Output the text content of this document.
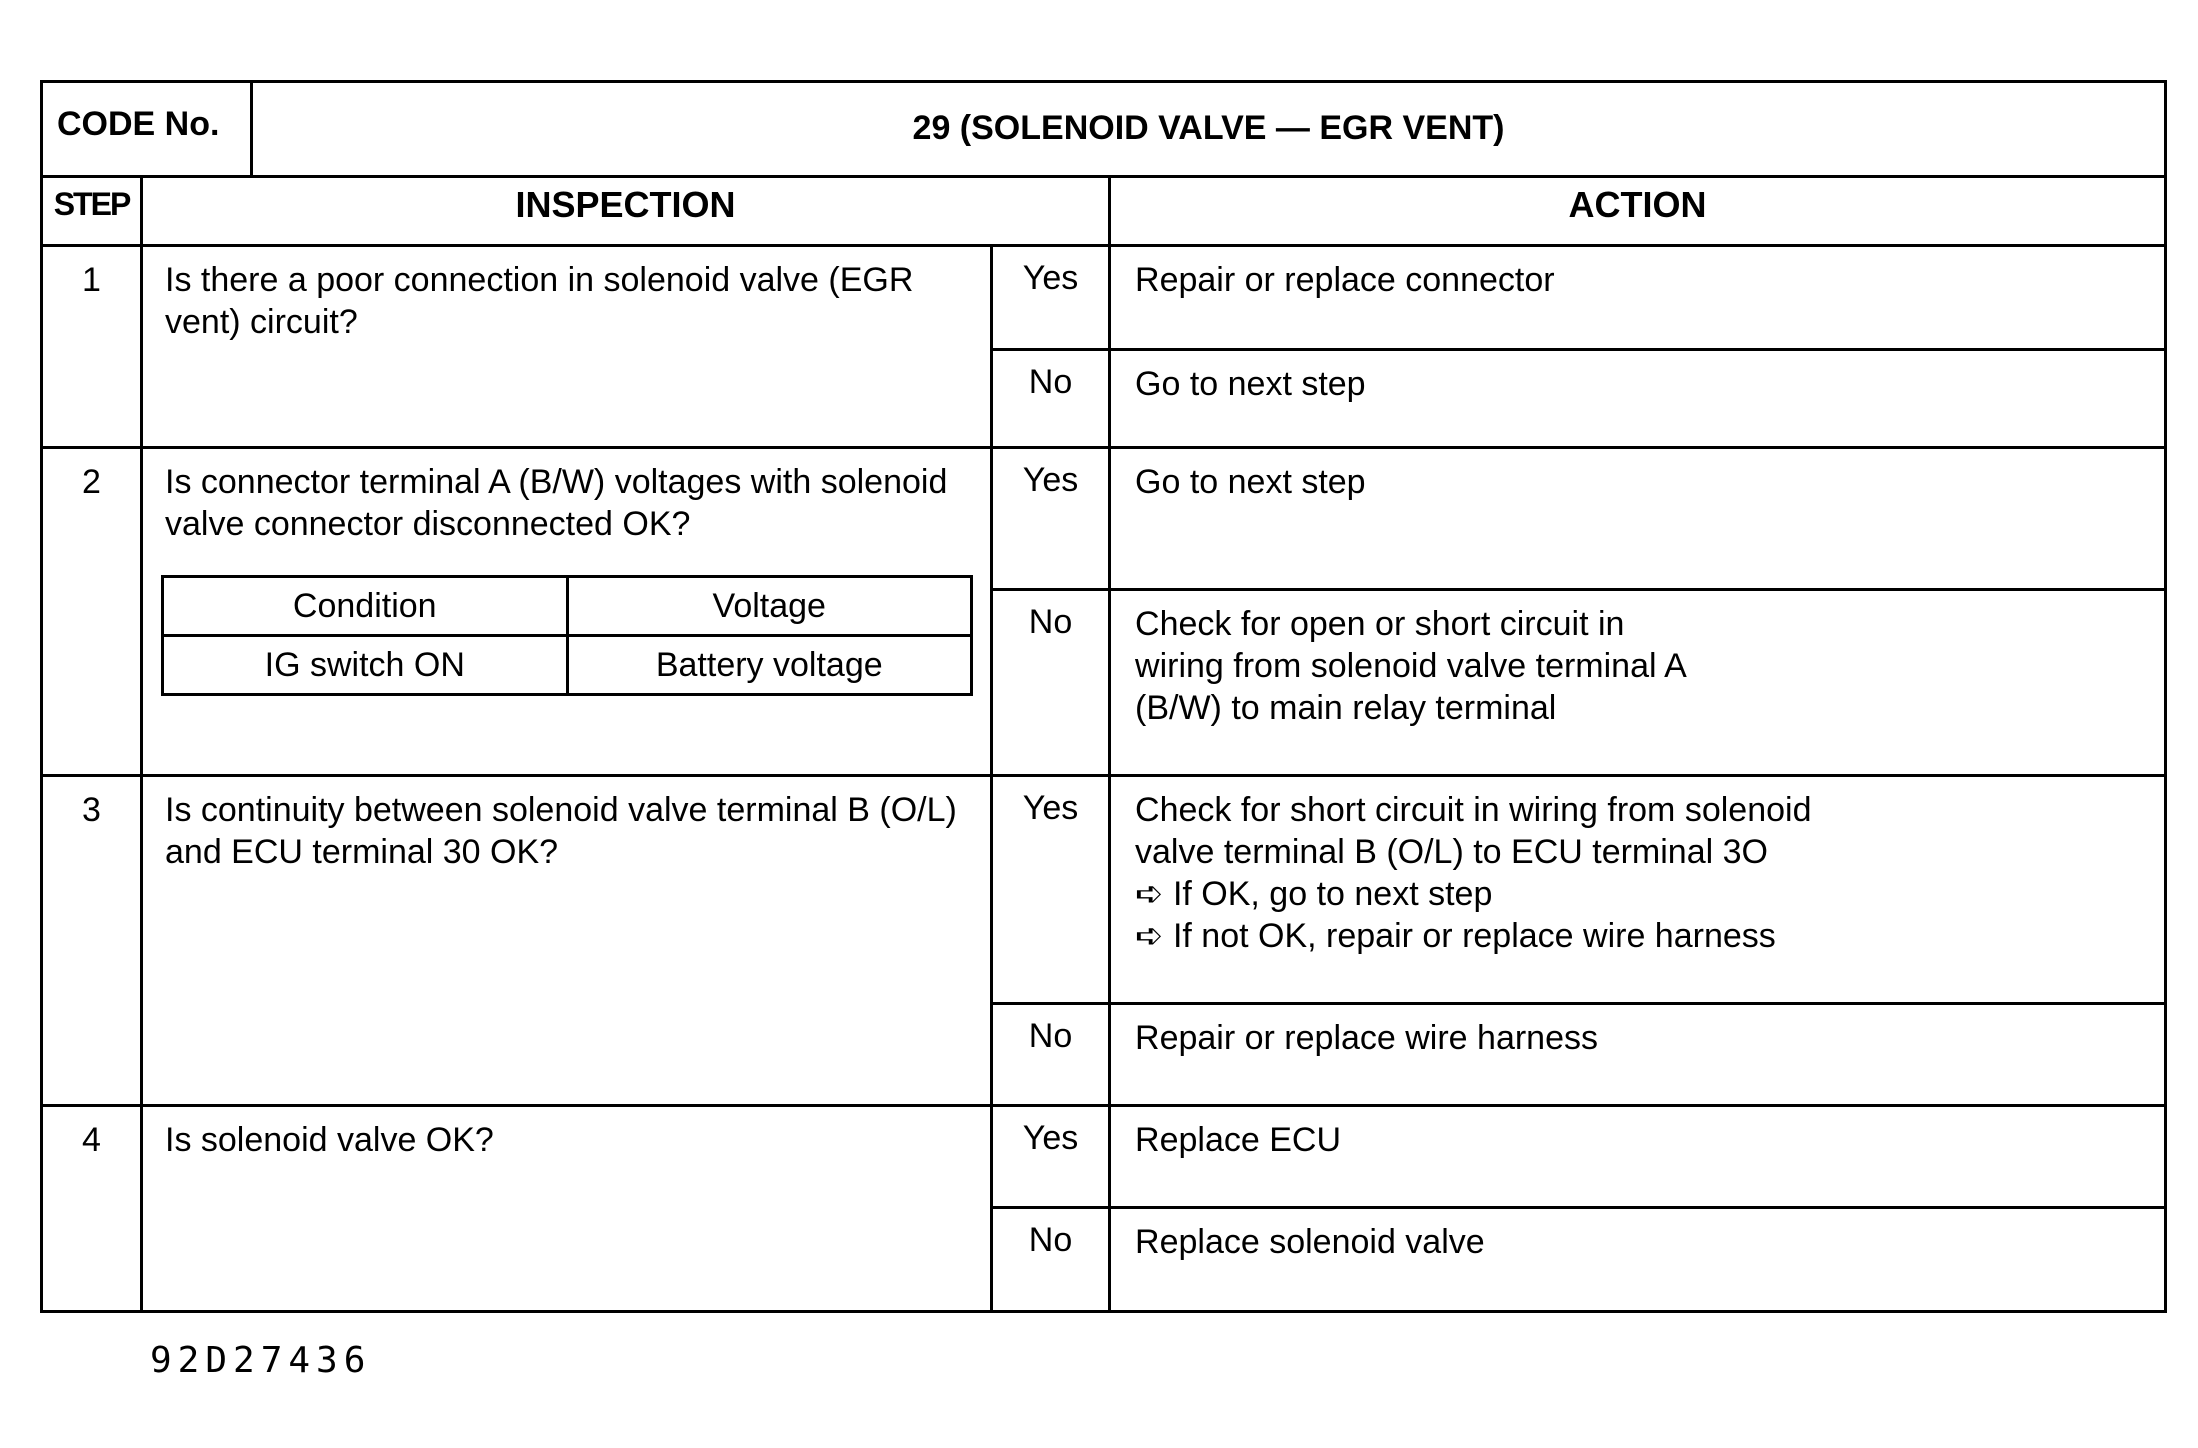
CODE No.	29 (SOLENOID VALVE — EGR VENT)
STEP	INSPECTION	ACTION
1	Is there a poor connection in solenoid valve (EGR vent) circuit?	Yes	Repair or replace connector

No	Go to next step

2	Is connector terminal A (B/W) voltages with solenoid valve connector disconnected OK?
Condition	Voltage
IG switch ON	Battery voltage
	Yes	Go to next step

No	Check for open or short circuit in
wiring from solenoid valve terminal A
(B/W) to main relay terminal

3	Is continuity between solenoid valve terminal B (O/L) and ECU terminal 30 OK?	Yes	Check for short circuit in wiring from solenoid
valve terminal B (O/L) to ECU terminal 3O
➪ If OK, go to next step
➪ If not OK, repair or replace wire harness

No	Repair or replace wire harness

4	Is solenoid valve OK?	Yes	Replace ECU

No	Replace solenoid valve
92D27436
